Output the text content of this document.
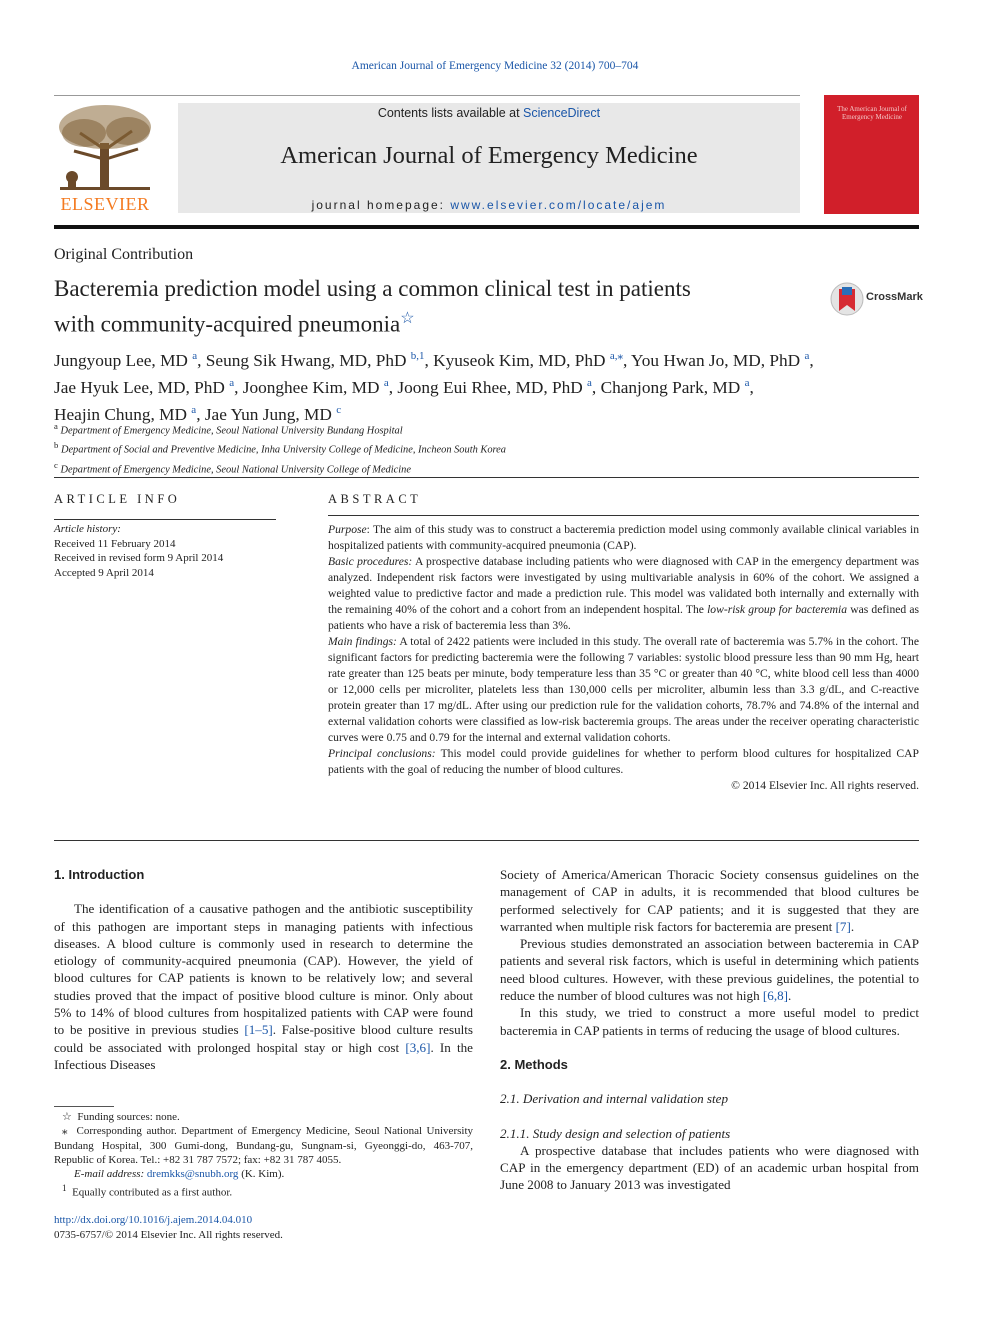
American Journal of Emergency Medicine 32 (2014) 700–704
ELSEVIER
Contents lists available at ScienceDirect
American Journal of Emergency Medicine
journal homepage: www.elsevier.com/locate/ajem
The American Journal of Emergency Medicine
Original Contribution
Bacteremia prediction model using a common clinical test in patients
with community-acquired pneumonia☆
CrossMark
Jungyoup Lee, MD $^a$, Seung Sik Hwang, MD, PhD $^{b,1}$, Kyuseok Kim, MD, PhD $^{a,⁎}$, You Hwan Jo, MD, PhD $^a$,
Jae Hyuk Lee, MD, PhD $^a$, Joonghee Kim, MD $^a$, Joong Eui Rhee, MD, PhD $^a$, Chanjong Park, MD $^a$,
Heajin Chung, MD $^a$, Jae Yun Jung, MD $^c$
$^a$ Department of Emergency Medicine, Seoul National University Bundang Hospital
$^b$ Department of Social and Preventive Medicine, Inha University College of Medicine, Incheon South Korea
$^c$ Department of Emergency Medicine, Seoul National University College of Medicine
ARTICLE INFO
Article history:
Received 11 February 2014
Received in revised form 9 April 2014
Accepted 9 April 2014
ABSTRACT

Purpose: The aim of this study was to construct a bacteremia prediction model using commonly available clinical variables in hospitalized patients with community-acquired pneumonia (CAP).

Basic procedures: A prospective database including patients who were diagnosed with CAP in the emergency department was analyzed. Independent risk factors were investigated by using multivariable analysis in 60% of the cohort. We assigned a weighted value to predictive factor and made a prediction rule. This model was validated both internally and externally with the remaining 40% of the cohort and a cohort from an independent hospital. The low-risk group for bacteremia was defined as patients who have a risk of bacteremia less than 3%.

Main findings: A total of 2422 patients were included in this study. The overall rate of bacteremia was 5.7% in the cohort. The significant factors for predicting bacteremia were the following 7 variables: systolic blood pressure less than 90 mm Hg, heart rate greater than 125 beats per minute, body temperature less than 35 °C or greater than 40 °C, white blood cell less than 4000 or 12,000 cells per microliter, platelets less than 130,000 cells per microliter, albumin less than 3.3 g/dL, and C-reactive protein greater than 17 mg/dL. After using our prediction rule for the validation cohorts, 78.7% and 74.8% of the internal and external validation cohorts were classified as low-risk bacteremia groups. The areas under the receiver operating characteristic curves were 0.75 and 0.79 for the internal and external validation cohorts.

Principal conclusions: This model could provide guidelines for whether to perform blood cultures for hospitalized CAP patients with the goal of reducing the number of blood cultures.

© 2014 Elsevier Inc. All rights reserved.

1. Introduction

The identification of a causative pathogen and the antibiotic susceptibility of this pathogen are important steps in managing patients with infectious diseases. A blood culture is commonly used in research to determine the etiology of community-acquired pneumonia (CAP). However, the yield of blood cultures for CAP patients is known to be relatively low; and several studies proved that the impact of positive blood culture is minor. Only about 5% to 14% of blood cultures from hospitalized patients with CAP were found to be positive in previous studies [1–5]. False-positive blood culture results could be associated with prolonged hospital stay or high cost [3,6]. In the Infectious Diseases

☆ Funding sources: none.

⁎ Corresponding author. Department of Emergency Medicine, Seoul National University Bundang Hospital, 300 Gumi-dong, Bundang-gu, Sungnam-si, Gyeonggi-do, 463-707, Republic of Korea. Tel.: +82 31 787 7572; fax: +82 31 787 4055.

E-mail address: dremkks@snubh.org (K. Kim).

$^1$ Equally contributed as a first author.

http://dx.doi.org/10.1016/j.ajem.2014.04.010
0735-6757/© 2014 Elsevier Inc. All rights reserved.

Society of America/American Thoracic Society consensus guidelines on the management of CAP in adults, it is recommended that blood cultures be performed selectively for CAP patients; and it is suggested that they are warranted when multiple risk factors for bacteremia are present [7].

Previous studies demonstrated an association between bacteremia in CAP patients and several risk factors, which is useful in determining which patients need blood cultures. However, with these previous guidelines, the potential to reduce the number of blood cultures was not high [6,8].

In this study, we tried to construct a more useful model to predict bacteremia in CAP patients in terms of reducing the usage of blood cultures.

2. Methods

2.1. Derivation and internal validation step

2.1.1. Study design and selection of patients

A prospective database that includes patients who were diagnosed with CAP in the emergency department (ED) of an academic urban hospital from June 2008 to January 2013 was investigated
